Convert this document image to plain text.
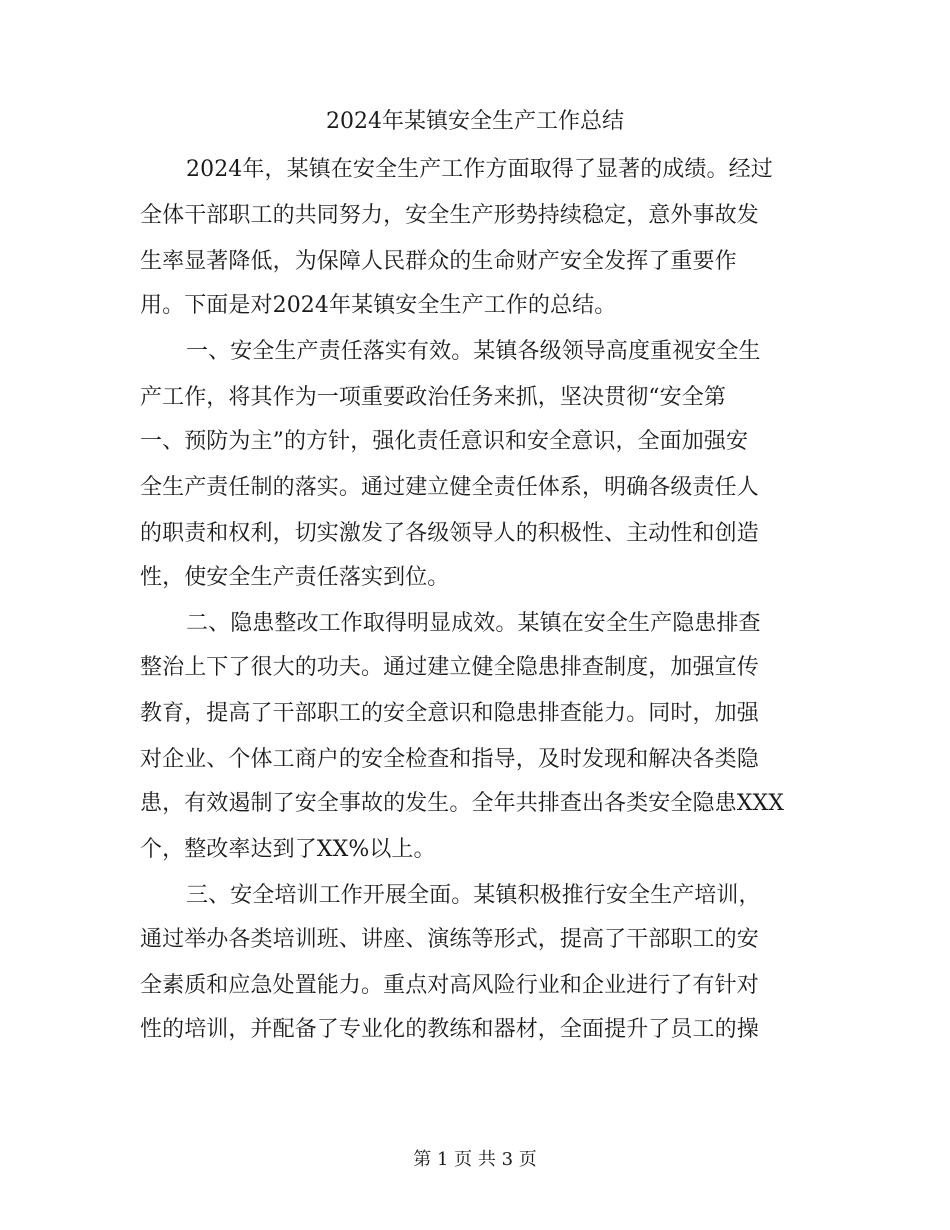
2024年某镇安全生产工作总结
2024年，某镇在安全生产工作方面取得了显著的成绩。经过
全体干部职工的共同努力，安全生产形势持续稳定，意外事故发
生率显著降低，为保障人民群众的生命财产安全发挥了重要作
用。下面是对2024年某镇安全生产工作的总结。
一、安全生产责任落实有效。某镇各级领导高度重视安全生
产工作，将其作为一项重要政治任务来抓，坚决贯彻“安全第
一、预防为主”的方针，强化责任意识和安全意识，全面加强安
全生产责任制的落实。通过建立健全责任体系，明确各级责任人
的职责和权利，切实激发了各级领导人的积极性、主动性和创造
性，使安全生产责任落实到位。
二、隐患整改工作取得明显成效。某镇在安全生产隐患排查
整治上下了很大的功夫。通过建立健全隐患排查制度，加强宣传
教育，提高了干部职工的安全意识和隐患排查能力。同时，加强
对企业、个体工商户的安全检查和指导，及时发现和解决各类隐
患，有效遏制了安全事故的发生。全年共排查出各类安全隐患XXX
个，整改率达到了XX%以上。
三、安全培训工作开展全面。某镇积极推行安全生产培训，
通过举办各类培训班、讲座、演练等形式，提高了干部职工的安
全素质和应急处置能力。重点对高风险行业和企业进行了有针对
性的培训，并配备了专业化的教练和器材，全面提升了员工的操
第 1 页 共 3 页
